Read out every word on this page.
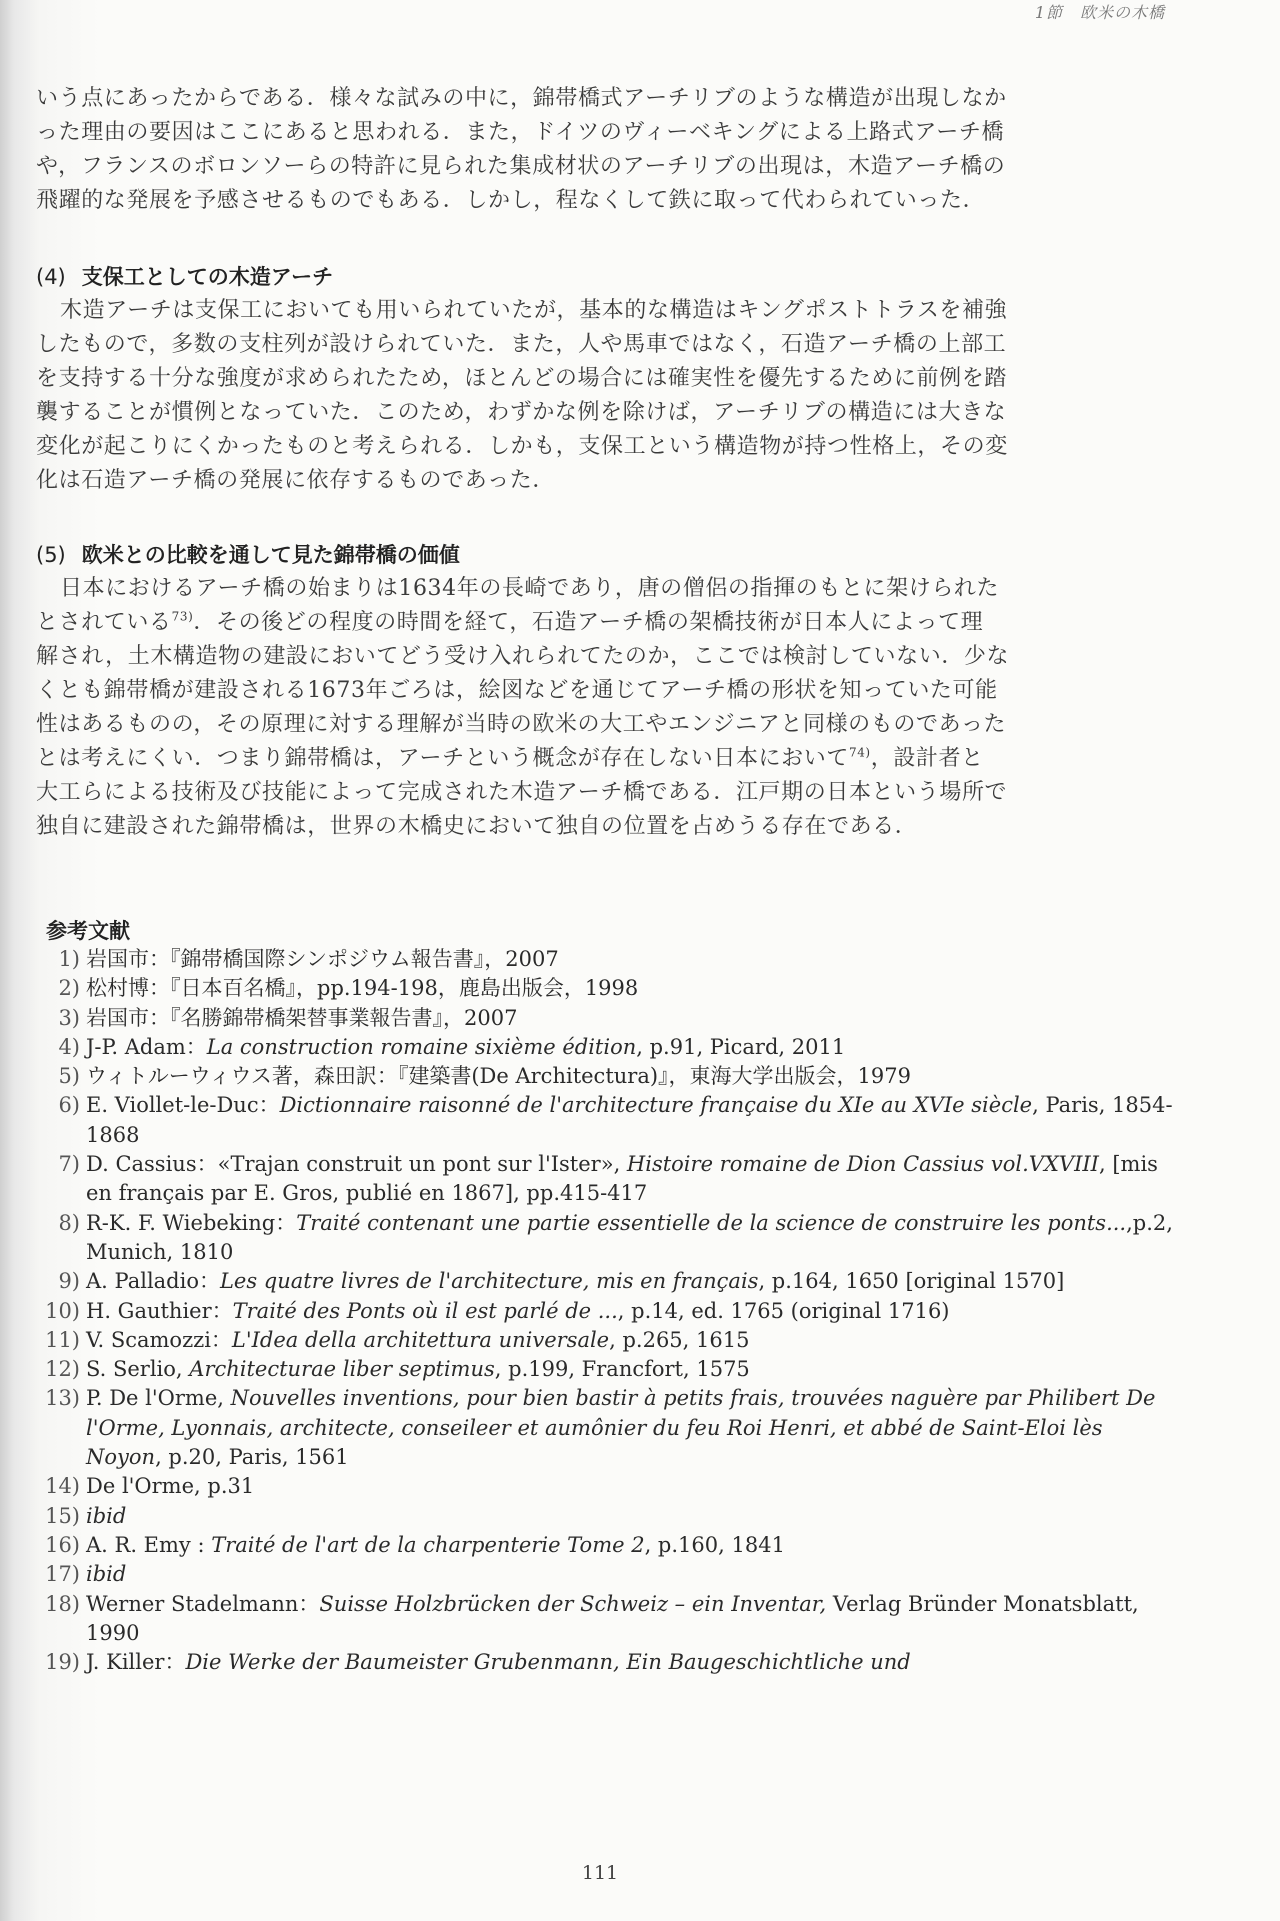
1節　欧米の木橋

いう点にあったからである．様々な試みの中に，錦帯橋式アーチリブのような構造が出現しなか

った理由の要因はここにあると思われる．また，ドイツのヴィーベキングによる上路式アーチ橋

や，フランスのボロンソーらの特許に見られた集成材状のアーチリブの出現は，木造アーチ橋の

飛躍的な発展を予感させるものでもある．しかし，程なくして鉄に取って代わられていった．

(4) 支保工としての木造アーチ

木造アーチは支保工においても用いられていたが，基本的な構造はキングポストトラスを補強

したもので，多数の支柱列が設けられていた．また，人や馬車ではなく，石造アーチ橋の上部工

を支持する十分な強度が求められたため，ほとんどの場合には確実性を優先するために前例を踏

襲することが慣例となっていた．このため，わずかな例を除けば，アーチリブの構造には大きな

変化が起こりにくかったものと考えられる．しかも，支保工という構造物が持つ性格上，その変

化は石造アーチ橋の発展に依存するものであった．

(5) 欧米との比較を通して見た錦帯橋の価値

日本におけるアーチ橋の始まりは1634年の長崎であり，唐の僧侶の指揮のもとに架けられた

とされている$^{73)}$．その後どの程度の時間を経て，石造アーチ橋の架橋技術が日本人によって理

解され，土木構造物の建設においてどう受け入れられてたのか，ここでは検討していない．少な

くとも錦帯橋が建設される1673年ごろは，絵図などを通じてアーチ橋の形状を知っていた可能

性はあるものの，その原理に対する理解が当時の欧米の大工やエンジニアと同様のものであった

とは考えにくい．つまり錦帯橋は，アーチという概念が存在しない日本において$^{74)}$，設計者と

大工らによる技術及び技能によって完成された木造アーチ橋である．江戸期の日本という場所で

独自に建設された錦帯橋は，世界の木橋史において独自の位置を占めうる存在である．

参考文献
1) 岩国市：『錦帯橋国際シンポジウム報告書』，2007
2) 松村博：『日本百名橋』，pp.194-198，鹿島出版会，1998
3) 岩国市：『名勝錦帯橋架替事業報告書』，2007
4) J-P. Adam：La construction romaine sixième édition, p.91, Picard, 2011
5) ウィトルーウィウス著，森田訳：『建築書(De Architectura)』，東海大学出版会，1979
6) E. Viollet-le-Duc：Dictionnaire raisonné de l'architecture française du XIe au XVIe siècle, Paris, 1854-1868
7) D. Cassius：«Trajan construit un pont sur l'Ister», Histoire romaine de Dion Cassius vol.VXVIII, [mis en français par E. Gros, publié en 1867], pp.415-417
8) R-K. F. Wiebeking：Traité contenant une partie essentielle de la science de construire les ponts...,p.2, Munich, 1810
9) A. Palladio：Les quatre livres de l'architecture, mis en français, p.164, 1650 [original 1570]
10) H. Gauthier：Traité des Ponts où il est parlé de ..., p.14, ed. 1765 (original 1716)
11) V. Scamozzi：L'Idea della architettura universale, p.265, 1615
12) S. Serlio, Architecturae liber septimus, p.199, Francfort, 1575
13) P. De l'Orme, Nouvelles inventions, pour bien bastir à petits frais, trouvées naguère par Philibert De l'Orme, Lyonnais, architecte, conseileer et aumônier du feu Roi Henri, et abbé de Saint-Eloi lès Noyon, p.20, Paris, 1561
14) De l'Orme, p.31
15) ibid
16) A. R. Emy : Traité de l'art de la charpenterie Tome 2, p.160, 1841
17) ibid
18) Werner Stadelmann：Suisse Holzbrücken der Schweiz – ein Inventar, Verlag Bründer Monatsblatt, 1990
19) J. Killer：Die Werke der Baumeister Grubenmann, Ein Baugeschichtliche und
111
